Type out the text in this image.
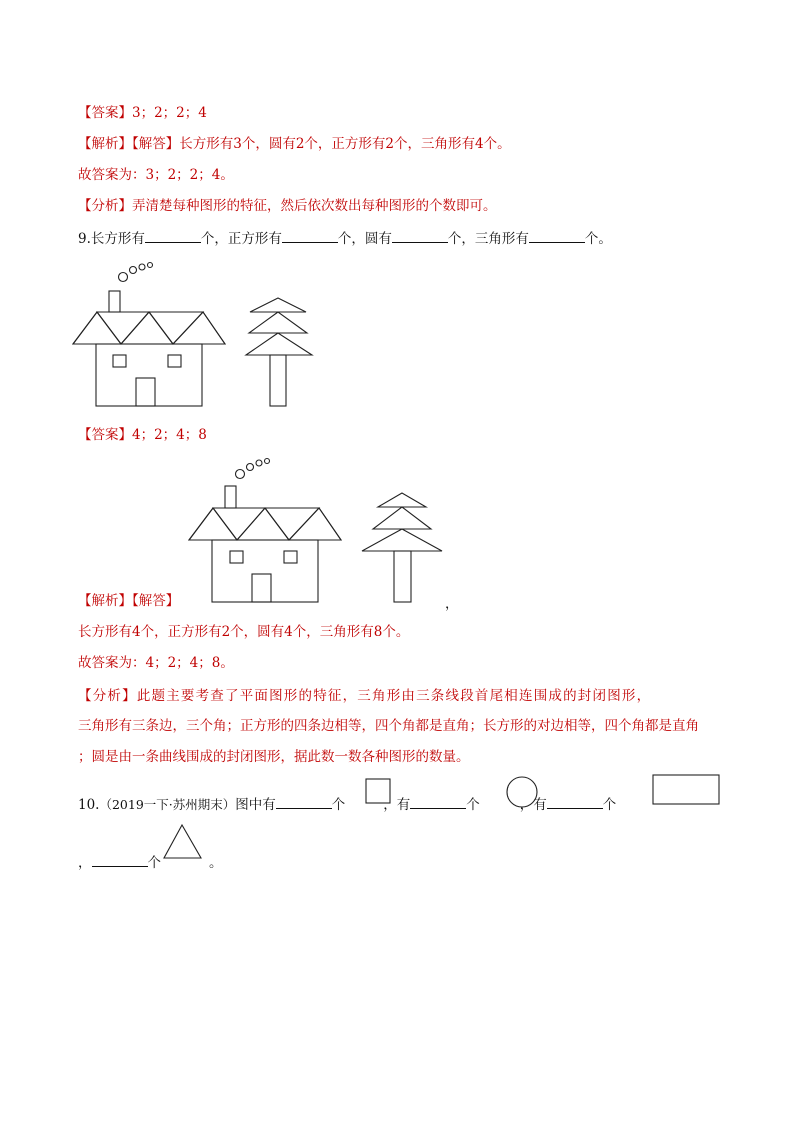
【答案】3；2；2；4
【解析】【解答】长方形有3个，圆有2个，正方形有2个，三角形有4个。
故答案为：3；2；2；4。
【分析】弄清楚每种图形的特征，然后依次数出每种图形的个数即可。
9.长方形有	个，正方形有	个，圆有	个，三角形有	个。
【答案】4；2；4；8
【解析】【解答】	，
长方形有4个，正方形有2个，圆有4个，三角形有8个。
故答案为：4；2；4；8。
【分析】此题主要考查了平面图形的特征，三角形由三条线段首尾相连围成的封闭图形，
三角形有三条边，三个角；正方形的四条边相等，四个角都是直角；长方形的对边相等，四个角都是直角
；圆是由一条曲线围成的封闭图形，据此数一数各种图形的数量。
10.（2019一下·苏州期末）图中有	个	，有	个	，有	个
，	个	。
